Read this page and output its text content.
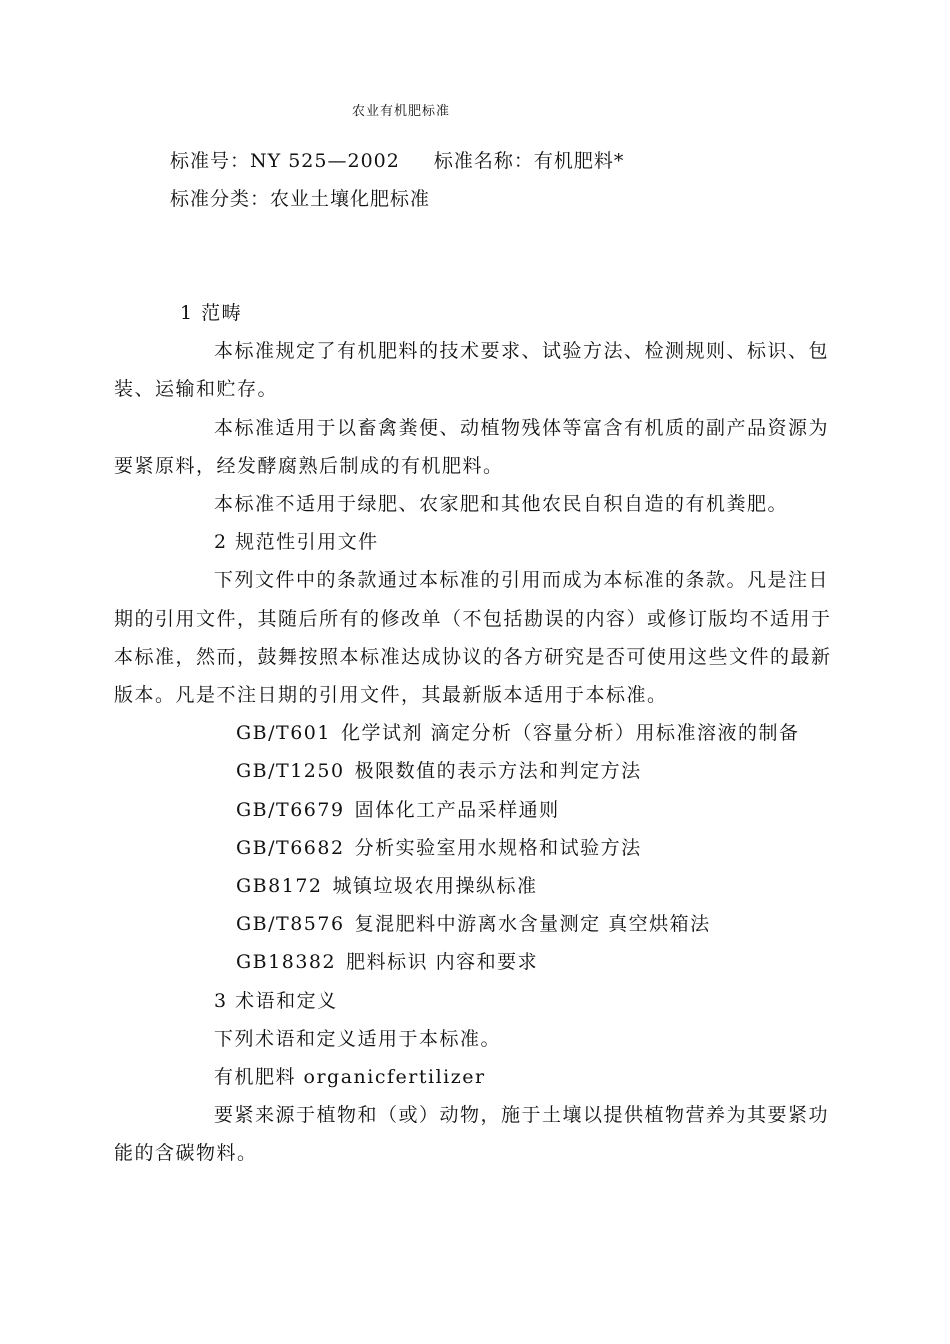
农业有机肥标准
标准号：NY 525—2002 标准名称：有机肥料*
标准分类：农业土壤化肥标准

1 范畴

本标准规定了有机肥料的技术要求、试验方法、检测规则、标识、包装、运输和贮存。

本标准适用于以畜禽粪便、动植物残体等富含有机质的副产品资源为要紧原料，经发酵腐熟后制成的有机肥料。

本标准不适用于绿肥、农家肥和其他农民自积自造的有机粪肥。

2 规范性引用文件

下列文件中的条款通过本标准的引用而成为本标准的条款。凡是注日期的引用文件，其随后所有的修改单（不包括勘误的内容）或修订版均不适用于本标准，然而，鼓舞按照本标准达成协议的各方研究是否可使用这些文件的最新版本。凡是不注日期的引用文件，其最新版本适用于本标准。

GB/T601 化学试剂 滴定分析（容量分析）用标准溶液的制备

GB/T1250 极限数值的表示方法和判定方法

GB/T6679 固体化工产品采样通则

GB/T6682 分析实验室用水规格和试验方法

GB8172 城镇垃圾农用操纵标准

GB/T8576 复混肥料中游离水含量测定 真空烘箱法

GB18382 肥料标识 内容和要求

3 术语和定义

下列术语和定义适用于本标准。

有机肥料 organicfertilizer

要紧来源于植物和（或）动物，施于土壤以提供植物营养为其要紧功能的含碳物料。
